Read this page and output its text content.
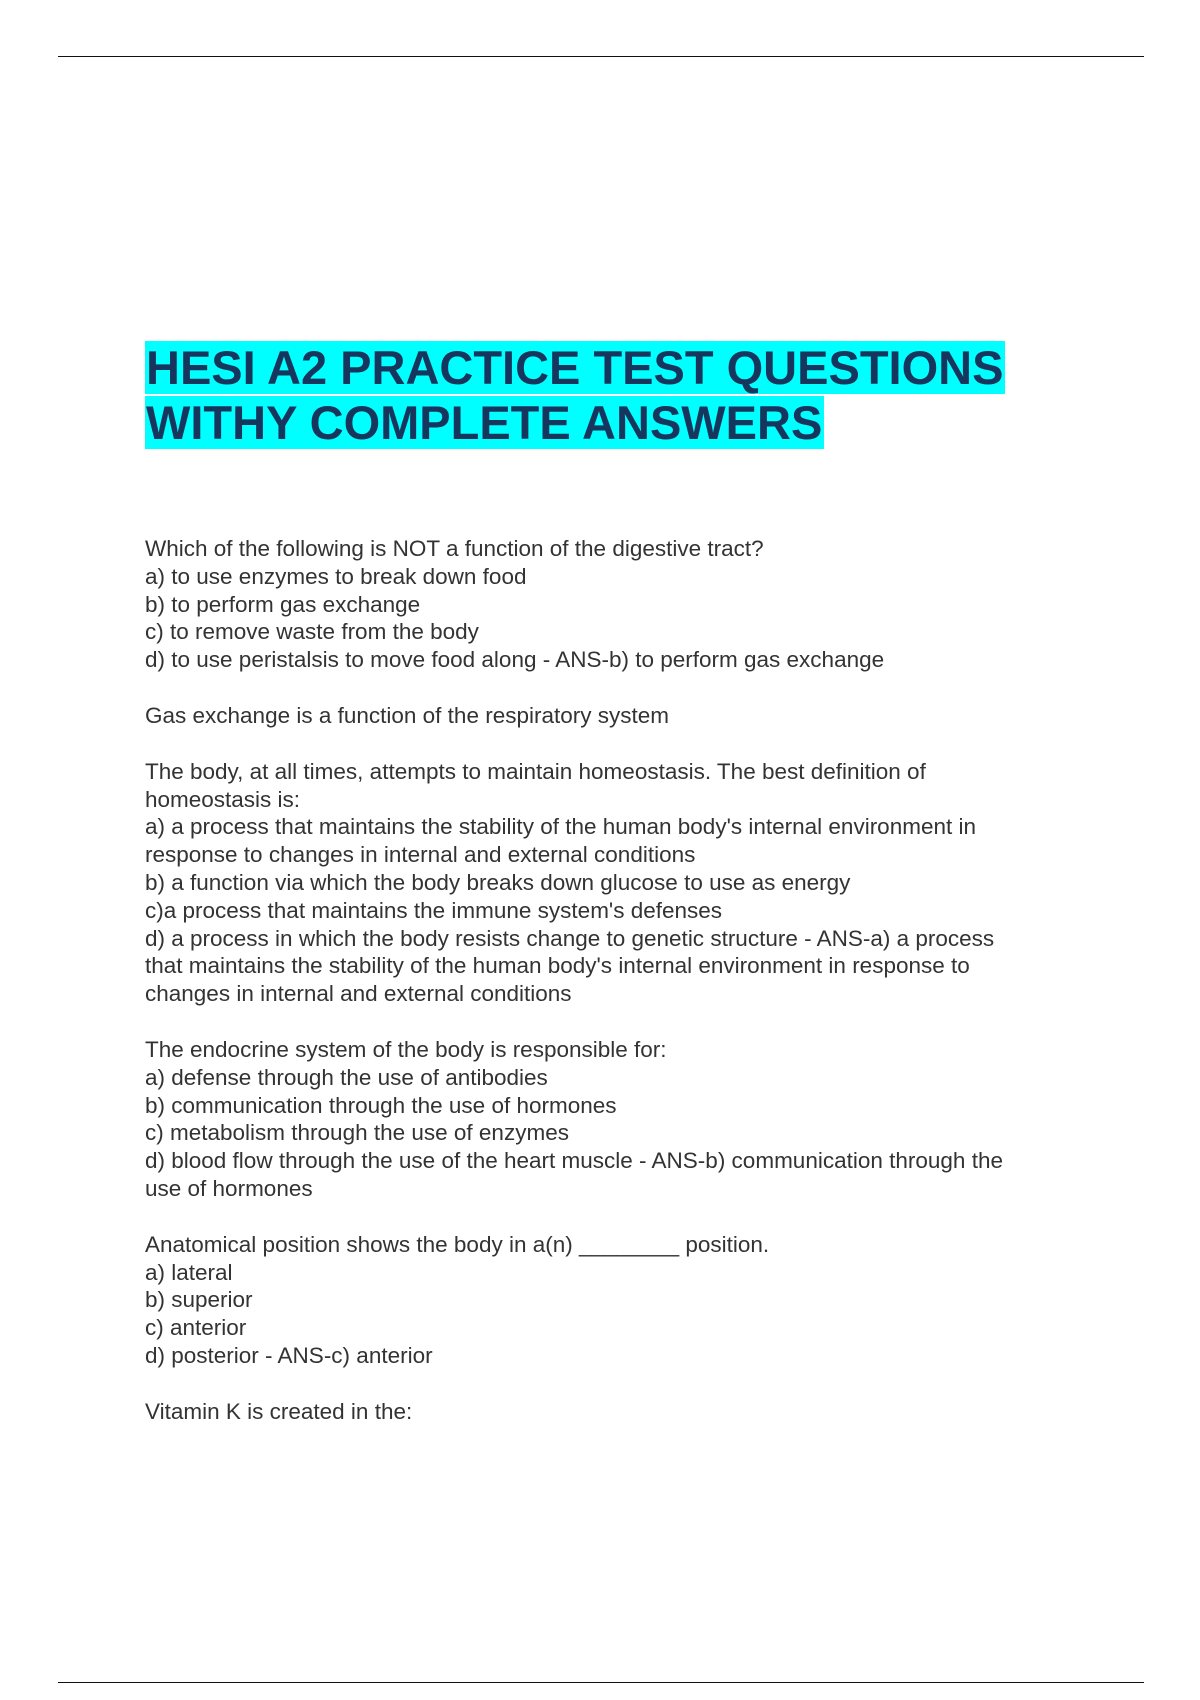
HESI A2 PRACTICE TEST QUESTIONS
WITHY COMPLETE ANSWERS
Which of the following is NOT a function of the digestive tract?
a) to use enzymes to break down food
b) to perform gas exchange
c) to remove waste from the body
d) to use peristalsis to move food along - ANS-b) to perform gas exchange
Gas exchange is a function of the respiratory system
The body, at all times, attempts to maintain homeostasis. The best definition of
homeostasis is:
a) a process that maintains the stability of the human body's internal environment in
response to changes in internal and external conditions
b) a function via which the body breaks down glucose to use as energy
c)a process that maintains the immune system's defenses
d) a process in which the body resists change to genetic structure - ANS-a) a process
that maintains the stability of the human body's internal environment in response to
changes in internal and external conditions
The endocrine system of the body is responsible for:
a) defense through the use of antibodies
b) communication through the use of hormones
c) metabolism through the use of enzymes
d) blood flow through the use of the heart muscle - ANS-b) communication through the
use of hormones
Anatomical position shows the body in a(n) ________ position.
a) lateral
b) superior
c) anterior
d) posterior - ANS-c) anterior
Vitamin K is created in the:
